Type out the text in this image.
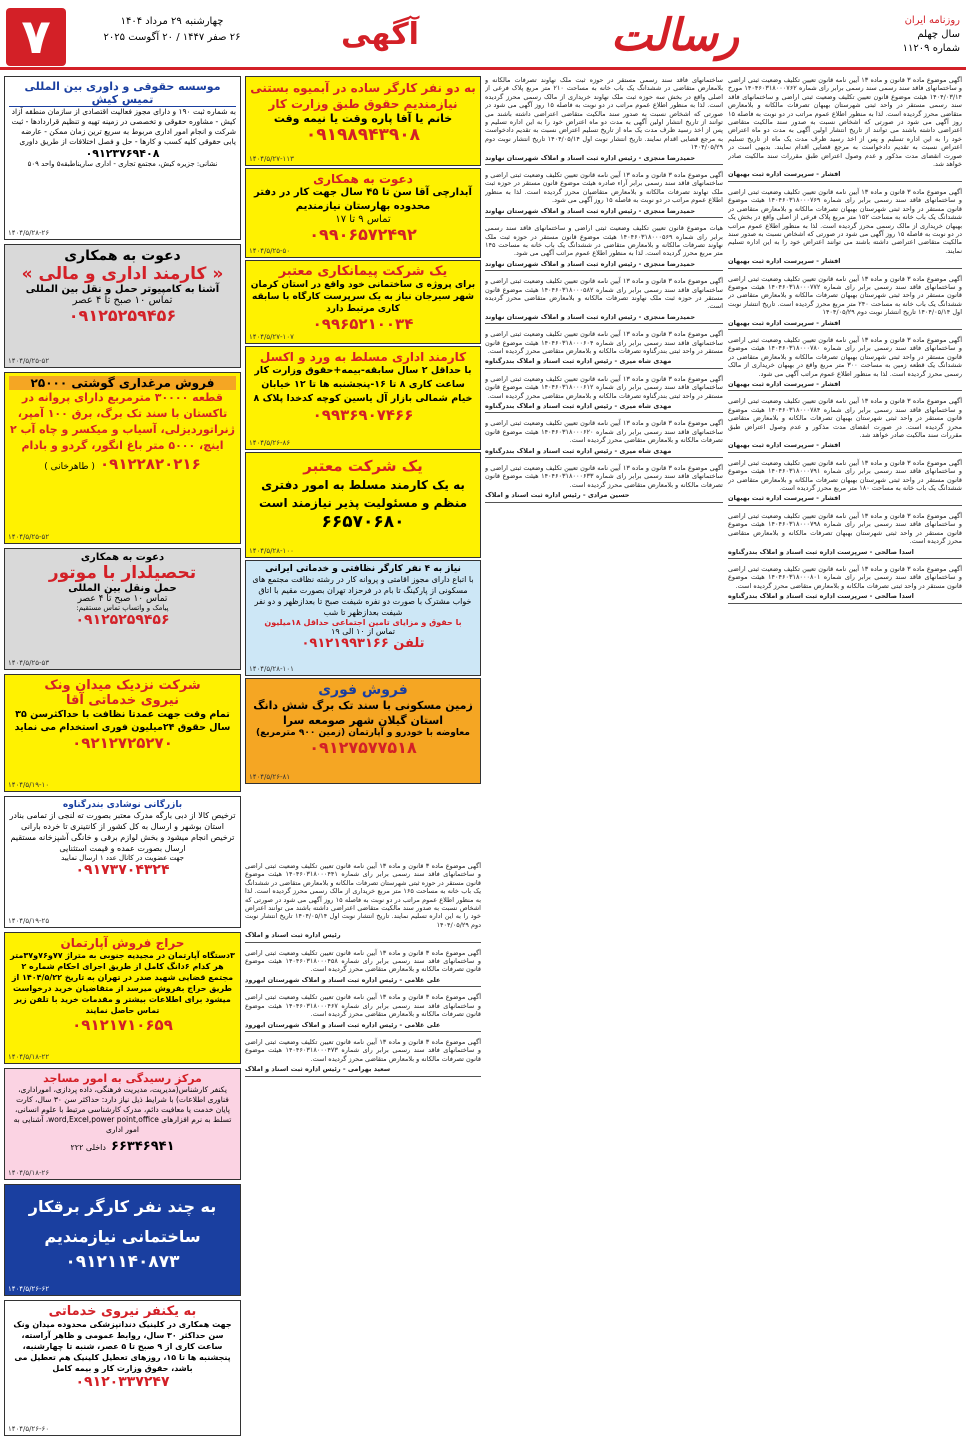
۷	چهارشنبه ۲۹ مرداد ۱۴۰۴
۲۶ صفر ۱۴۴۷ / ۲۰ آگوست ۲۰۲۵	آگهی	رسالت	روزنامه ایران
سال چهلم
شماره ۱۱۲۰۹

آگهی موضوع ماده ۳ قانون و ماده ۱۳ آیین نامه قانون تعیین تکلیف وضعیت ثبتی اراضی و ساختمانهای فاقد سند رسمی سند رسمی برابر رای شماره ۱۴۰۴۶۰۳۱۸۰۰۰۷۶۲ مورخ ۱۴۰۴/۰۳/۱۴ هیئت موضوع قانون تعیین تکلیف وضعیت ثبتی اراضی و ساختمانهای فاقد سند رسمی مستقر در واحد ثبتی شهرستان بهبهان تصرفات مالکانه و بلامعارض متقاضی محرز گردیده است. لذا به منظور اطلاع عموم مراتب در دو نوبت به فاصله ۱۵ روز آگهی می شود در صورتی که اشخاص نسبت به صدور سند مالکیت متقاضی اعتراضی داشته باشند می توانند از تاریخ انتشار اولین آگهی به مدت دو ماه اعتراض خود را به این اداره تسلیم و پس از اخذ رسید ظرف مدت یک ماه از تاریخ تسلیم اعتراض نسبت به تقدیم دادخواست به مرجع قضایی اقدام نمایند. بدیهی است در صورت انقضای مدت مذکور و عدم وصول اعتراض طبق مقررات سند مالکیت صادر خواهد شد.

افشار - سرپرست اداره ثبت بهبهان

آگهی موضوع ماده ۳ قانون و ماده ۱۳ آیین نامه قانون تعیین تکلیف وضعیت ثبتی اراضی و ساختمانهای فاقد سند رسمی برابر رای شماره ۱۴۰۴۶۰۳۱۸۰۰۰۷۶۹ هیئت موضوع قانون مستقر در واحد ثبتی شهرستان بهبهان تصرفات مالکانه و بلامعارض متقاضی در ششدانگ یک باب خانه به مساحت ۱۵۲ متر مربع پلاک فرعی از اصلی واقع در بخش یک بهبهان خریداری از مالک رسمی محرز گردیده است. لذا به منظور اطلاع عموم مراتب در دو نوبت به فاصله ۱۵ روز آگهی می شود در صورتی که اشخاص نسبت به صدور سند مالکیت متقاضی اعتراضی داشته باشند می توانند اعتراض خود را به این اداره تسلیم نمایند.

افشار - سرپرست اداره ثبت بهبهان

آگهی موضوع ماده ۳ قانون و ماده ۱۳ آیین نامه قانون تعیین تکلیف وضعیت ثبتی اراضی و ساختمانهای فاقد سند رسمی برابر رای شماره ۱۴۰۴۶۰۳۱۸۰۰۰۷۷۲ هیئت موضوع قانون مستقر در واحد ثبتی شهرستان بهبهان تصرفات مالکانه و بلامعارض متقاضی در ششدانگ یک باب خانه به مساحت ۲۴۰ متر مربع محرز گردیده است. تاریخ انتشار نوبت اول ۱۴۰۴/۰۵/۱۴ تاریخ انتشار نوبت دوم ۱۴۰۴/۰۵/۲۹

افشار - سرپرست اداره ثبت بهبهان

آگهی موضوع ماده ۳ قانون و ماده ۱۳ آیین نامه قانون تعیین تکلیف وضعیت ثبتی اراضی و ساختمانهای فاقد سند رسمی برابر رای شماره ۱۴۰۴۶۰۳۱۸۰۰۰۷۸۰ هیئت موضوع قانون مستقر در واحد ثبتی شهرستان بهبهان تصرفات مالکانه و بلامعارض متقاضی در ششدانگ یک قطعه زمین به مساحت ۳۰۰ متر مربع واقع در بهبهان خریداری از مالک رسمی محرز گردیده است. لذا به منظور اطلاع عموم مراتب آگهی می شود.

افشار - سرپرست اداره ثبت بهبهان

آگهی موضوع ماده ۳ قانون و ماده ۱۳ آیین نامه قانون تعیین تکلیف وضعیت ثبتی اراضی و ساختمانهای فاقد سند رسمی برابر رای شماره ۱۴۰۴۶۰۳۱۸۰۰۰۷۸۴ هیئت موضوع قانون مستقر در واحد ثبتی شهرستان بهبهان تصرفات مالکانه و بلامعارض متقاضی محرز گردیده است. در صورت انقضای مدت مذکور و عدم وصول اعتراض طبق مقررات سند مالکیت صادر خواهد شد.

افشار - سرپرست اداره ثبت بهبهان

آگهی موضوع ماده ۳ قانون و ماده ۱۳ آیین نامه قانون تعیین تکلیف وضعیت ثبتی اراضی و ساختمانهای فاقد سند رسمی برابر رای شماره ۱۴۰۴۶۰۳۱۸۰۰۰۷۹۱ هیئت موضوع قانون مستقر در واحد ثبتی شهرستان بهبهان تصرفات مالکانه و بلامعارض متقاضی در ششدانگ یک باب خانه به مساحت ۱۸۰ متر مربع محرز گردیده است.

افشار - سرپرست اداره ثبت بهبهان

آگهی موضوع ماده ۳ قانون و ماده ۱۳ آیین نامه قانون تعیین تکلیف وضعیت ثبتی اراضی و ساختمانهای فاقد سند رسمی برابر رای شماره ۱۴۰۴۶۰۳۱۸۰۰۰۷۹۸ هیئت موضوع قانون مستقر در واحد ثبتی شهرستان بهبهان تصرفات مالکانه و بلامعارض متقاضی محرز گردیده است.

اسدا صالحی - سرپرست اداره ثبت اسناد و املاک بندرگناوه

آگهی موضوع ماده ۳ قانون و ماده ۱۳ آیین نامه قانون تعیین تکلیف وضعیت ثبتی اراضی و ساختمانهای فاقد سند رسمی برابر رای شماره ۱۴۰۴۶۰۳۱۸۰۰۰۸۰۱ هیئت موضوع قانون مستقر در واحد ثبتی تصرفات مالکانه و بلامعارض متقاضی محرز گردیده است.

اسدا صالحی - سرپرست اداره ثبت اسناد و املاک بندرگناوه

ساختمانهای فاقد سند رسمی مستقر در حوزه ثبت ملک نهاوند تصرفات مالکانه و بلامعارض متقاضی در ششدانگ یک باب خانه به مساحت ۲۱۰ متر مربع پلاک فرعی از اصلی واقع در بخش سه حوزه ثبت ملک نهاوند خریداری از مالک رسمی محرز گردیده است. لذا به منظور اطلاع عموم مراتب در دو نوبت به فاصله ۱۵ روز آگهی می شود در صورتی که اشخاص نسبت به صدور سند مالکیت متقاضی اعتراضی داشته باشند می توانند از تاریخ انتشار اولین آگهی به مدت دو ماه اعتراض خود را به این اداره تسلیم و پس از اخذ رسید ظرف مدت یک ماه از تاریخ تسلیم اعتراض نسبت به تقدیم دادخواست به مرجع قضایی اقدام نمایند. تاریخ انتشار نوبت اول ۱۴۰۴/۰۵/۱۴ تاریخ انتشار نوبت دوم ۱۴۰۴/۰۵/۲۹

حمیدرضا منجزی - رئیس اداره ثبت اسناد و املاک شهرستان نهاوند

آگهی موضوع ماده ۳ قانون و ماده ۱۳ آیین نامه قانون تعیین تکلیف وضعیت ثبتی اراضی و ساختمانهای فاقد سند رسمی برابر آراء صادره هیئت موضوع قانون مستقر در حوزه ثبت ملک نهاوند تصرفات مالکانه و بلامعارض متقاضیان محرز گردیده است. لذا به منظور اطلاع عموم مراتب در دو نوبت به فاصله ۱۵ روز آگهی می شود.

حمیدرضا منجزی - رئیس اداره ثبت اسناد و املاک شهرستان نهاوند

هیات موضوع قانون تعیین تکلیف وضعیت ثبتی اراضی و ساختمانهای فاقد سند رسمی برابر رای شماره ۱۴۰۴۶۰۳۱۸۰۰۰۵۶۹ هیئت موضوع قانون مستقر در حوزه ثبت ملک نهاوند تصرفات مالکانه و بلامعارض متقاضی در ششدانگ یک باب خانه به مساحت ۱۴۵ متر مربع محرز گردیده است. لذا به منظور اطلاع عموم مراتب آگهی می شود.

حمیدرضا منجزی - رئیس اداره ثبت اسناد و املاک شهرستان نهاوند

آگهی موضوع ماده ۳ قانون و ماده ۱۳ آیین نامه قانون تعیین تکلیف وضعیت ثبتی اراضی و ساختمانهای فاقد سند رسمی برابر رای شماره ۱۴۰۴۶۰۳۱۸۰۰۰۵۸۲ هیئت موضوع قانون مستقر در حوزه ثبت ملک نهاوند تصرفات مالکانه و بلامعارض متقاضی محرز گردیده است.

حمیدرضا منجزی - رئیس اداره ثبت اسناد و املاک شهرستان نهاوند

آگهی موضوع ماده ۳ قانون و ماده ۱۳ آیین نامه قانون تعیین تکلیف وضعیت ثبتی اراضی و ساختمانهای فاقد سند رسمی برابر رای شماره ۱۴۰۴۶۰۳۱۸۰۰۰۶۰۴ هیئت موضوع قانون مستقر در واحد ثبتی بندرگناوه تصرفات مالکانه و بلامعارض متقاضی محرز گردیده است.

مهدی شاه میری - رئیس اداره ثبت اسناد و املاک بندرگناوه

آگهی موضوع ماده ۳ قانون و ماده ۱۳ آیین نامه قانون تعیین تکلیف وضعیت ثبتی اراضی و ساختمانهای فاقد سند رسمی برابر رای شماره ۱۴۰۴۶۰۳۱۸۰۰۰۶۱۲ هیئت موضوع قانون مستقر در واحد ثبتی بندرگناوه تصرفات مالکانه و بلامعارض متقاضی محرز گردیده است.

مهدی شاه میری - رئیس اداره ثبت اسناد و املاک بندرگناوه

آگهی موضوع ماده ۳ قانون و ماده ۱۳ آیین نامه قانون تعیین تکلیف وضعیت ثبتی اراضی و ساختمانهای فاقد سند رسمی برابر رای شماره ۱۴۰۴۶۰۳۱۸۰۰۰۶۲۰ هیئت موضوع قانون تصرفات مالکانه و بلامعارض متقاضی محرز گردیده است.

مهدی شاه میری - رئیس اداره ثبت اسناد و املاک بندرگناوه

آگهی موضوع ماده ۳ قانون و ماده ۱۳ آیین نامه قانون تعیین تکلیف وضعیت ثبتی اراضی و ساختمانهای فاقد سند رسمی برابر رای شماره ۱۴۰۴۶۰۳۱۸۰۰۰۶۳۳ هیئت موضوع قانون تصرفات مالکانه و بلامعارض متقاضی محرز گردیده است.

حسین مرادی - رئیس اداره ثبت اسناد و املاک

آگهی موضوع ماده ۳ قانون و ماده ۱۳ آیین نامه قانون تعیین تکلیف وضعیت ثبتی اراضی و ساختمانهای فاقد سند رسمی برابر رای شماره ۱۴۰۴۶۰۳۱۸۰۰۰۴۴۱ هیئت موضوع قانون مستقر در حوزه ثبتی شهرستان تصرفات مالکانه و بلامعارض متقاضی در ششدانگ یک باب خانه به مساحت ۱۶۵ متر مربع خریداری از مالک رسمی محرز گردیده است. لذا به منظور اطلاع عموم مراتب در دو نوبت به فاصله ۱۵ روز آگهی می شود در صورتی که اشخاص نسبت به صدور سند مالکیت متقاضی اعتراضی داشته باشند می توانند اعتراض خود را به این اداره تسلیم نمایند. تاریخ انتشار نوبت اول ۱۴۰۴/۰۵/۱۴ تاریخ انتشار نوبت دوم ۱۴۰۴/۰۵/۲۹

رئیس اداره ثبت اسناد و املاک

آگهی موضوع ماده ۳ قانون و ماده ۱۳ آیین نامه قانون تعیین تکلیف وضعیت ثبتی اراضی و ساختمانهای فاقد سند رسمی برابر رای شماره ۱۴۰۴۶۰۳۱۸۰۰۰۴۵۸ هیئت موضوع قانون تصرفات مالکانه و بلامعارض متقاضی محرز گردیده است.

علی غلامی - رئیس اداره ثبت اسناد و املاک شهرستان ابهرود

آگهی موضوع ماده ۳ قانون و ماده ۱۳ آیین نامه قانون تعیین تکلیف وضعیت ثبتی اراضی و ساختمانهای فاقد سند رسمی برابر رای شماره ۱۴۰۴۶۰۳۱۸۰۰۰۴۶۷ هیئت موضوع قانون تصرفات مالکانه و بلامعارض متقاضی محرز گردیده است.

علی غلامی - رئیس اداره ثبت اسناد و املاک شهرستان ابهرود

آگهی موضوع ماده ۳ قانون و ماده ۱۳ آیین نامه قانون تعیین تکلیف وضعیت ثبتی اراضی و ساختمانهای فاقد سند رسمی برابر رای شماره ۱۴۰۴۶۰۳۱۸۰۰۰۴۷۳ هیئت موضوع قانون تصرفات مالکانه و بلامعارض متقاضی محرز گردیده است.

سعید بهرامی - رئیس اداره ثبت اسناد و املاک

به دو نفر کارگر ساده در آبمیوه بستنی نیازمندیم حقوق طبق وزارت کار
خانم یا آقا پاره وقت یا نیمه وقت
۰۹۱۹۸۹۴۳۹۰۸
۱۴۰۴/۵/۲۷-۱۱۳
دعوت به همکاری
آبدارچی آقا سن تا ۴۵ سال جهت کار در دفتر محدوده بهارستان نیازمندیم
تماس ۹ تا ۱۷
۰۹۹۰۶۵۷۲۴۹۲
۱۴۰۴/۵/۲۵-۵۰
یک شرکت پیمانکاری معتبر
برای پروژه ی ساختمانی خود واقع در استان کرمان شهر سیرجان نیاز به یک سرپرست کارگاه با سابقه کاری مرتبط دارد
۰۹۹۶۵۲۱۰۰۳۴
۱۴۰۴/۵/۲۷-۱۰۷
کارمند اداری مسلط به ورد و اکسل
با حداقل ۲ سال سابقه-بیمه+حقوق وزارت کار ساعت کاری ۸ تا ۱۶-پنجشنبه ها تا ۱۲ خیابان خیام شمالی بازار آل یاسین کوچه کدخدا پلاک ۸
۰۹۹۳۶۹۰۷۴۶۶
۱۴۰۴/۵/۲۶-۸۶
یک شرکت معتبر
به یک کارمند مسلط به امور دفتری منظم و مسئولیت پذیر نیازمند است
۶۶۵۷۰۶۸۰
۱۴۰۴/۵/۲۸-۱۰۰
نیاز به ۴ نفر کارگر نظافتی و خدماتی ایرانی
با اتباع دارای مجوز اقامتی و پروانه کار در رشته نظافت مجتمع های مسکونی از پارکینگ تا بام در فرحزاد تهران بصورت مقیم با اتاق خواب مشترک با صورت دو نفره شیفت صبح تا بعدازظهر و دو نفر شیفت بعدازظهر تا شب
با حقوق و مزایای تامین اجتماعی حداقل ۱۸میلیون
تماس از ۱۰ الی ۱۹
تلفن ۰۹۱۲۱۹۹۳۱۶۶
۱۴۰۴/۵/۲۸-۱۰۱
فروش فوری
زمین مسکونی با سند تک برگ شش دانگ استان گیلان شهر صومعه سرا
معاوضه با خودرو و آپارتمان (زمین ۹۰۰ مترمربع)
۰۹۱۲۷۵۷۷۵۱۸
۱۴۰۴/۵/۲۶-۸۱
موسسه حقوقی و داوری بین المللی تمیس کیش
به شماره ثبت ۱۹۰ و دارای مجوز فعالیت اقتصادی از سازمان منطقه آزاد کیش - مشاوره حقوقی و تخصصی در زمینه تهیه و تنظیم قراردادها - ثبت شرکت و انجام امور اداری مربوط به سریع ترین زمان ممکن - عارضه یابی حقوقی کلیه کسب و کارها - حل و فصل اختلافات از طریق داوری
۰۹۱۲۳۷۶۹۴۰۸
نشانی: جزیره کیش، مجتمع تجاری - اداری ساریناطبقه۵ واحد ۵۰۹
۱۴۰۴/۵/۲۸-۲۶
دعوت به همکاری
« کارمند اداری و مالی »
آشنا به کامپیوتر حمل و نقل بین المللی
تماس ۱۰ صبح تا ۴ عصر
۰۹۱۲۵۲۵۹۴۵۶
۱۴۰۴/۵/۲۵-۵۲
فروش مرغداری گوشتی ۲۵۰۰۰
قطعه ۳۰۰۰۰ مترمربع دارای پروانه در تاکستان با سند تک برگ، برق ۱۰۰ آمپر، ژنراتوردیزلی، آسیاب و میکسر و چاه آب ۲ اینچ، ۵۰۰۰ متر باغ انگور، گردو و بادام
۰۹۱۲۲۸۲۰۲۱۶ ( طاهرخانی )
۱۴۰۴/۵/۲۵-۵۲
دعوت به همکاری
تحصیلدار با موتور
حمل ونقل بین المللی
تماس ۱۰ صبح تا ۴ عصر
پیامک و واتساپ تماس مستقیم:
۰۹۱۲۵۲۵۹۴۵۶
۱۴۰۴/۵/۲۵-۵۳
شرکت نزدیک میدان ونک
نیروی خدماتی آقا
تمام وقت جهت عمدتا نظافت با حداکثرسن ۳۵ سال حقوق ۲۴میلیون فوری استخدام می نماید
۰۹۲۱۲۷۲۵۲۷۰
۱۴۰۴/۵/۱۹-۱۰
بازرگانی نوشادی بندرگناوه
ترخیص کالا از دبی بارگه مدرک معتبر بصورت ته لنجی از تمامی بنادر استان بوشهر و ارسال به کل کشور از کانتینری تا خرده بارانی ترخیص انجام میشود و بخش لوازم برقی و خانگی آشپزخانه مستقیم ارسال بصورت عمده و قیمت استثنایی
جهت عضویت در کانال عدد ۱ ارسال نمایید
۰۹۱۷۳۷۰۴۳۲۴
۱۴۰۴/۵/۱۹-۲۵
حراج فروش آپارتمان
۳دستگاه آپارتمان در مجیدیه جنوبی به متراژ ۷۷و۷۶و۳۷متر هر کدام ۶دانگ کامل از طریق اجرای احکام شماره ۲ مجتمع قضایی شهید صدر در تهران به تاریخ ۱۴۰۴/۵/۲۲ از طریق حراج بفروش میرسد از متقاضیان خرید درخواست میشود برای اطلاعات بیشتر و مقدمات خرید با تلفن زیر تماس حاصل نمایند
۰۹۱۲۱۷۱۰۶۵۹
۱۴۰۴/۵/۱۸-۲۲
مرکز رسیدگی به امور مساجد
یکنفر کارشناس(مدیریت، مدیریت فرهنگی، داده پردازی، امورادارى، فناوری اطلاعات) با شرایط ذیل نیاز دارد: حداکثر سن ۳۰ سال، کارت پایان خدمت یا معافیت دائم، مدرک کارشناسی مرتبط با علوم انسانی، تسلط به نرم افزارهای word,Excel,power point,office، آشنایی به امور اداری
۶۶۳۴۶۹۴۱ داخلی ۲۲۲
۱۴۰۴/۵/۱۸-۲۶
به چند نفر کارگر برقکار ساختمانی نیازمندیم
۰۹۱۲۱۱۴۰۸۷۳
۱۴۰۴/۵/۲۶-۶۲
به یکنفر نیروی خدماتی
جهت همکاری در کلینیک دندانپزشکی محدوده میدان ونک سن حداکثر ۳۰ سال، روابط عمومی و ظاهر آراسته، ساعت کاری از ۹ صبح تا ۵ عصر، شنبه تا چهارشنبه، پنجشنبه ها تا ۱۵، روزهای تعطیل کلینیک هم تعطیل می باشد، حقوق وزارت کار و بیمه کامل
۰۹۱۲۰۳۳۷۲۴۷
۱۴۰۴/۵/۲۶-۶۰
